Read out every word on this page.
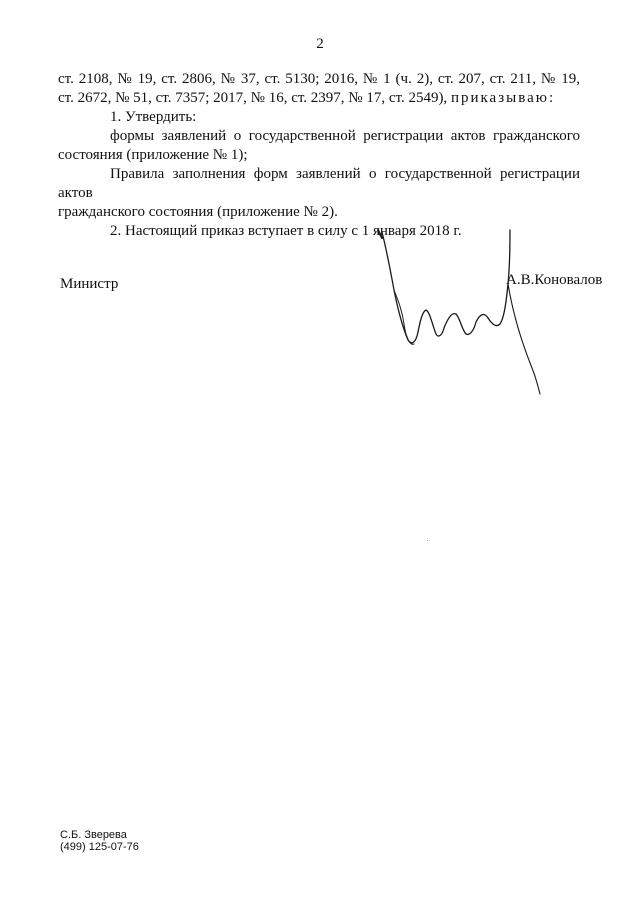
2
ст. 2108, № 19, ст. 2806, № 37, ст. 5130; 2016, № 1 (ч. 2), ст. 207, ст. 211, № 19,
ст. 2672, № 51, ст. 7357; 2017, № 16, ст. 2397, № 17, ст. 2549), приказываю:
1. Утвердить:
формы заявлений о государственной регистрации актов гражданского
состояния (приложение № 1);
Правила заполнения форм заявлений о государственной регистрации актов
гражданского состояния (приложение № 2).
2. Настоящий приказ вступает в силу с 1 января 2018 г.
Министр	А.В.Коновалов
С.Б. Зверева
(499) 125-07-76
